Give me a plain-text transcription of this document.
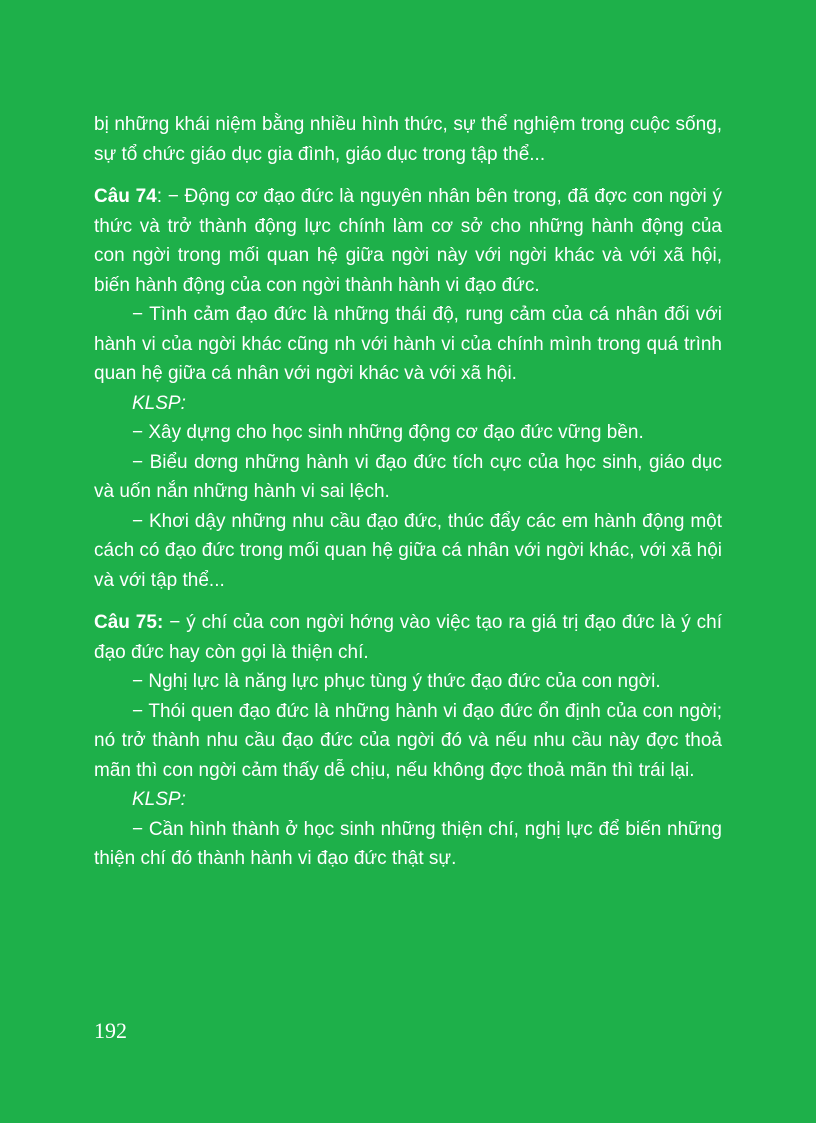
bị những khái niệm bằng nhiều hình thức, sự thể nghiệm trong cuộc sống, sự tổ chức giáo dục gia đình, giáo dục trong tập thể...

Câu 74: − Động cơ đạo đức là nguyên nhân bên trong, đã đợc con ngời ý thức và trở thành động lực chính làm cơ sở cho những hành động của con ngời trong mối quan hệ giữa ngời này với ngời khác và với xã hội, biến hành động của con ngời thành hành vi đạo đức.

− Tình cảm đạo đức là những thái độ, rung cảm của cá nhân đối với hành vi của ngời khác cũng nh với hành vi của chính mình trong quá trình quan hệ giữa cá nhân với ngời khác và với xã hội.

KLSP:

− Xây dựng cho học sinh những động cơ đạo đức vững bền.

− Biểu dơng những hành vi đạo đức tích cực của học sinh, giáo dục và uốn nắn những hành vi sai lệch.

− Khơi dậy những nhu cầu đạo đức, thúc đẩy các em hành động một cách có đạo đức trong mối quan hệ giữa cá nhân với ngời khác, với xã hội và với tập thể...

Câu 75: − ý chí của con ngời hớng vào việc tạo ra giá trị đạo đức là ý chí đạo đức hay còn gọi là thiện chí.

− Nghị lực là năng lực phục tùng ý thức đạo đức của con ngời.

− Thói quen đạo đức là những hành vi đạo đức ổn định của con ngời; nó trở thành nhu cầu đạo đức của ngời đó và nếu nhu cầu này đợc thoả mãn thì con ngời cảm thấy dễ chịu, nếu không đợc thoả mãn thì trái lại.

KLSP:

− Cần hình thành ở học sinh những thiện chí, nghị lực để biến những thiện chí đó thành hành vi đạo đức thật sự.

192
